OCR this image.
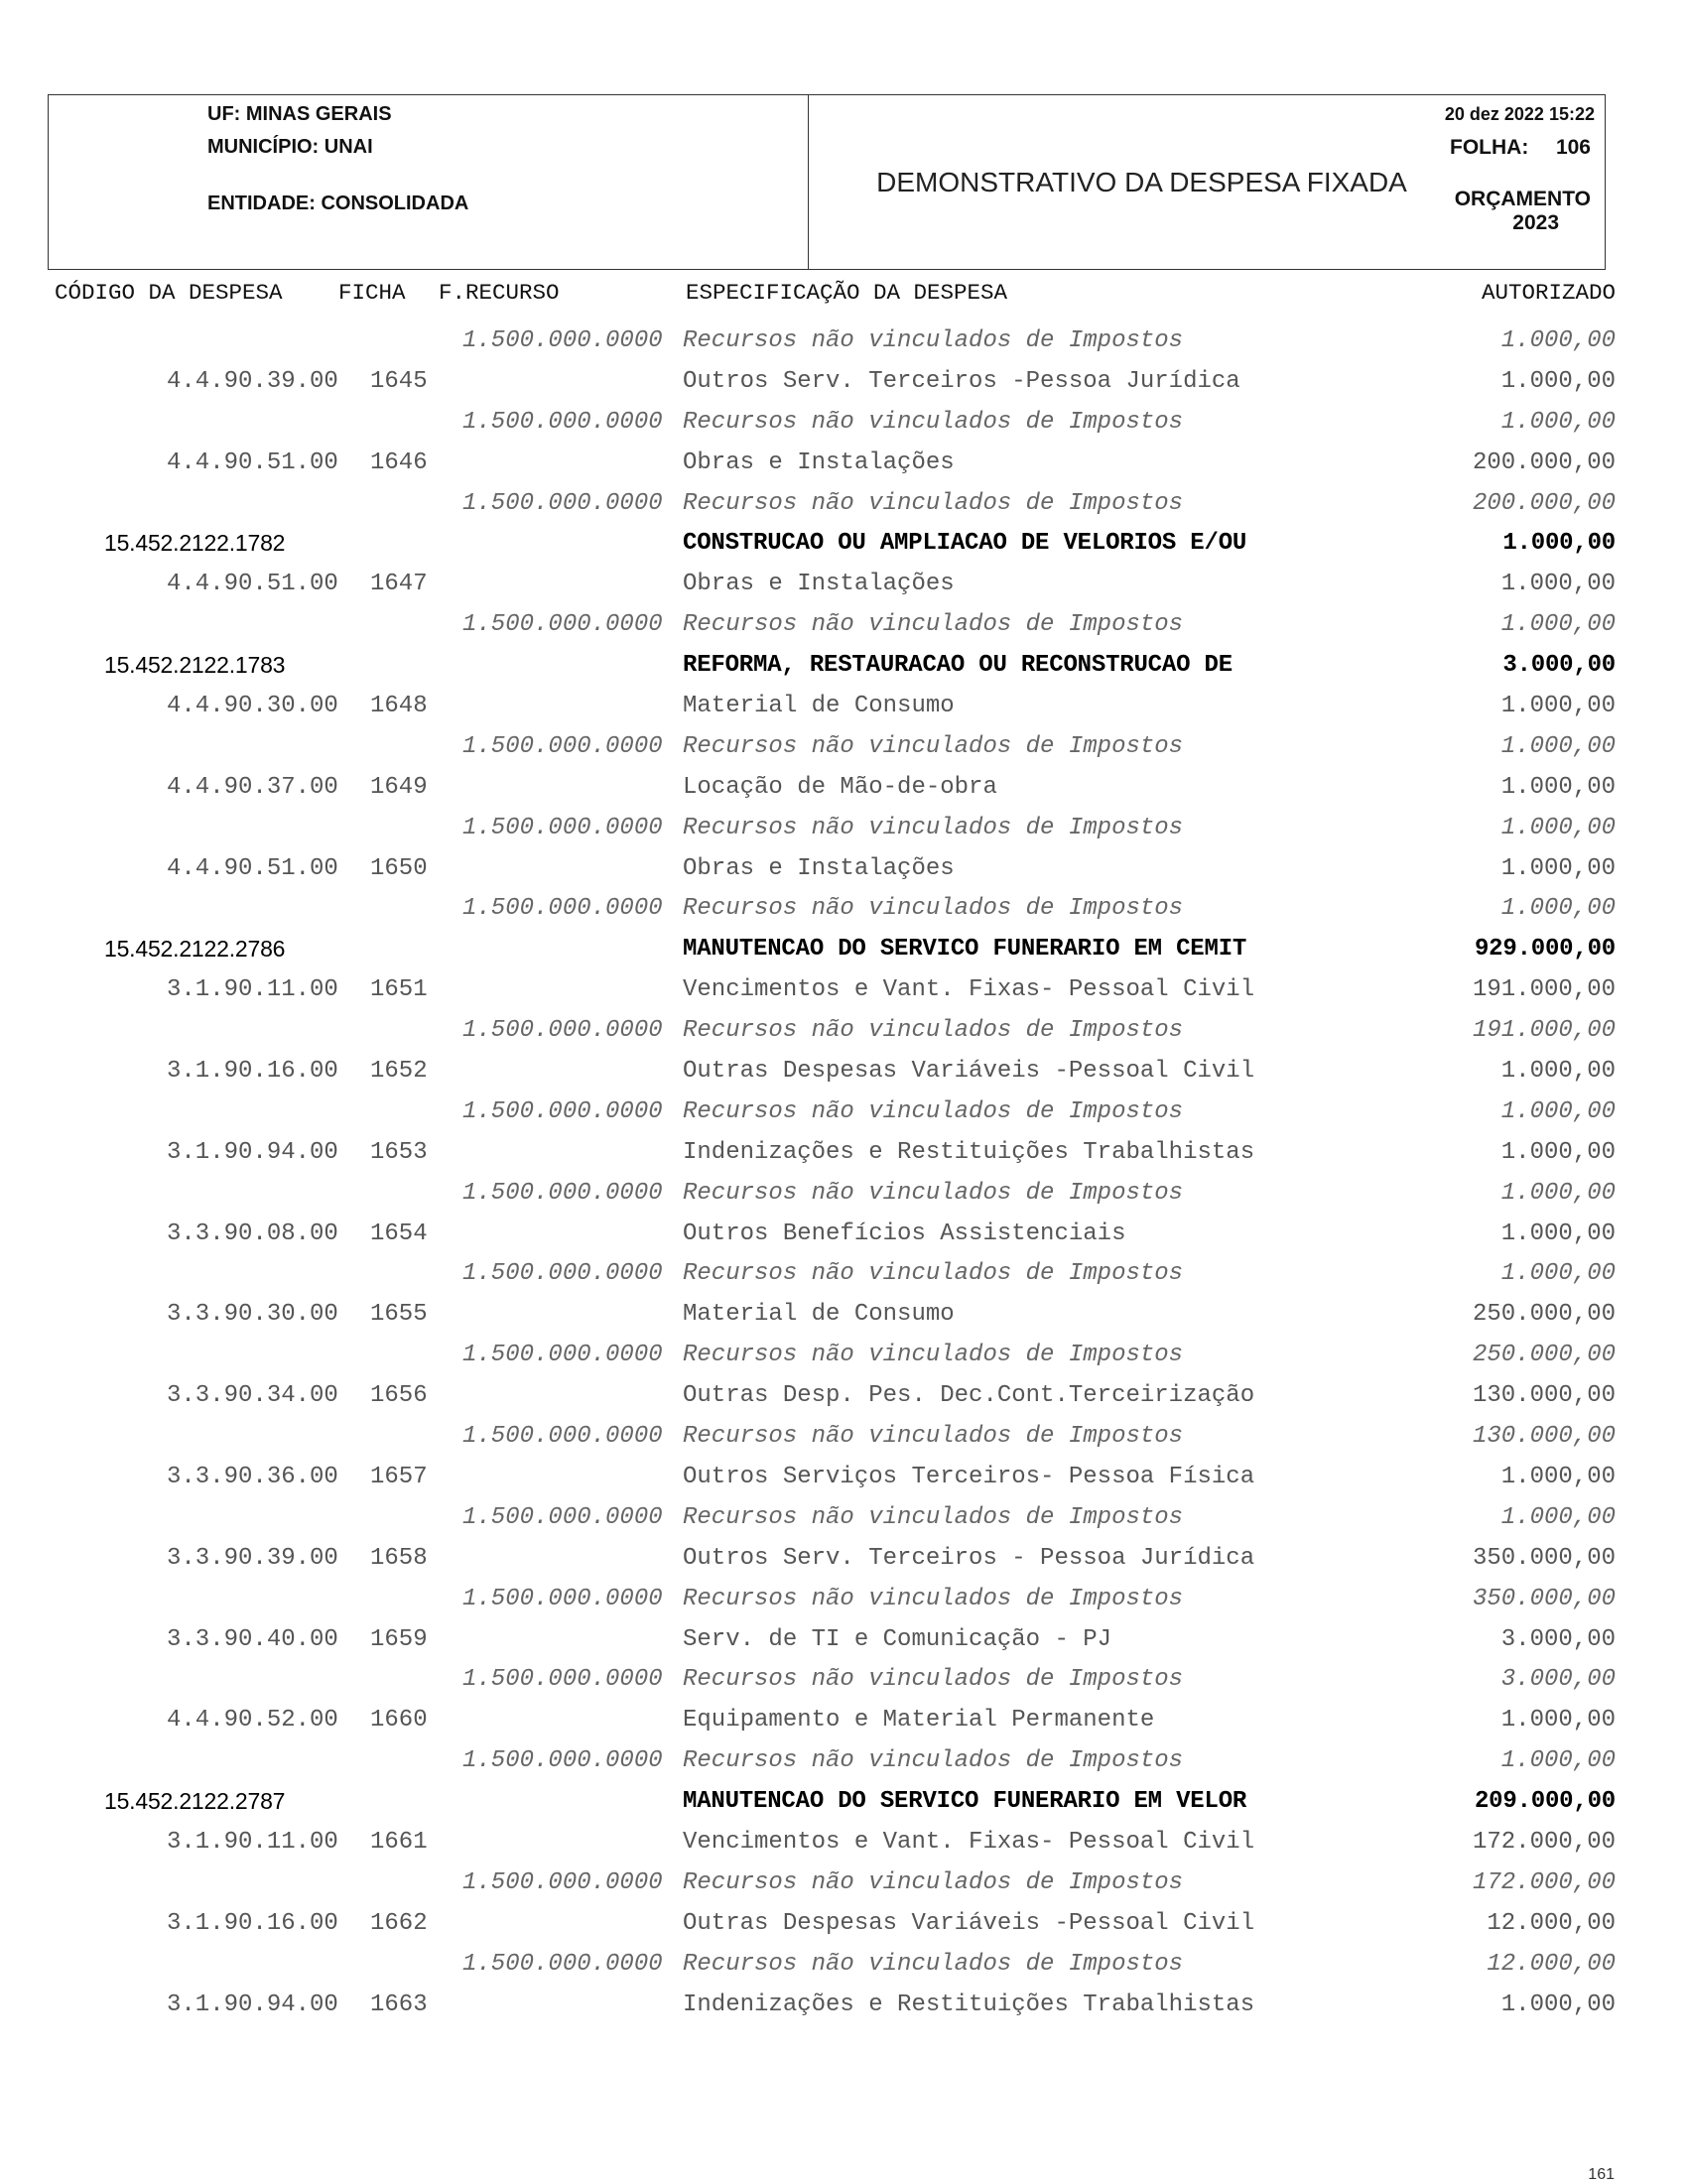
UF: MINAS GERAIS
MUNICÍPIO: UNAI
ENTIDADE: CONSOLIDADA
DEMONSTRATIVO DA DESPESA FIXADA
20 dez 2022 15:22
FOLHA: 106
ORÇAMENTO
2023
CÓDIGO DA DESPESA	FICHA F.RECURSO	ESPECIFICAÇÃO DA DESPESA	AUTORIZADO
1.500.000.0000 Recursos não vinculados de Impostos	1.000,00
4.4.90.39.00 1645	Outros Serv. Terceiros -Pessoa Jurídica	1.000,00
1.500.000.0000 Recursos não vinculados de Impostos	1.000,00
4.4.90.51.00 1646	Obras e Instalações	200.000,00
1.500.000.0000 Recursos não vinculados de Impostos	200.000,00
15.452.2122.1782	CONSTRUCAO OU AMPLIACAO DE VELORIOS E/OU	1.000,00
4.4.90.51.00 1647	Obras e Instalações	1.000,00
1.500.000.0000 Recursos não vinculados de Impostos	1.000,00
15.452.2122.1783	REFORMA, RESTAURACAO OU RECONSTRUCAO DE	3.000,00
4.4.90.30.00 1648	Material de Consumo	1.000,00
1.500.000.0000 Recursos não vinculados de Impostos	1.000,00
4.4.90.37.00 1649	Locação de Mão-de-obra	1.000,00
1.500.000.0000 Recursos não vinculados de Impostos	1.000,00
4.4.90.51.00 1650	Obras e Instalações	1.000,00
1.500.000.0000 Recursos não vinculados de Impostos	1.000,00
15.452.2122.2786	MANUTENCAO DO SERVICO FUNERARIO EM CEMIT	929.000,00
3.1.90.11.00 1651	Vencimentos e Vant. Fixas- Pessoal Civil	191.000,00
1.500.000.0000 Recursos não vinculados de Impostos	191.000,00
3.1.90.16.00 1652	Outras Despesas Variáveis -Pessoal Civil	1.000,00
1.500.000.0000 Recursos não vinculados de Impostos	1.000,00
3.1.90.94.00 1653	Indenizações e Restituições Trabalhistas	1.000,00
1.500.000.0000 Recursos não vinculados de Impostos	1.000,00
3.3.90.08.00 1654	Outros Benefícios Assistenciais	1.000,00
1.500.000.0000 Recursos não vinculados de Impostos	1.000,00
3.3.90.30.00 1655	Material de Consumo	250.000,00
1.500.000.0000 Recursos não vinculados de Impostos	250.000,00
3.3.90.34.00 1656	Outras Desp. Pes. Dec.Cont.Terceirização	130.000,00
1.500.000.0000 Recursos não vinculados de Impostos	130.000,00
3.3.90.36.00 1657	Outros Serviços Terceiros- Pessoa Física	1.000,00
1.500.000.0000 Recursos não vinculados de Impostos	1.000,00
3.3.90.39.00 1658	Outros Serv. Terceiros - Pessoa Jurídica	350.000,00
1.500.000.0000 Recursos não vinculados de Impostos	350.000,00
3.3.90.40.00 1659	Serv. de TI e Comunicação - PJ	3.000,00
1.500.000.0000 Recursos não vinculados de Impostos	3.000,00
4.4.90.52.00 1660	Equipamento e Material Permanente	1.000,00
1.500.000.0000 Recursos não vinculados de Impostos	1.000,00
15.452.2122.2787	MANUTENCAO DO SERVICO FUNERARIO EM VELOR	209.000,00
3.1.90.11.00 1661	Vencimentos e Vant. Fixas- Pessoal Civil	172.000,00
1.500.000.0000 Recursos não vinculados de Impostos	172.000,00
3.1.90.16.00 1662	Outras Despesas Variáveis -Pessoal Civil	12.000,00
1.500.000.0000 Recursos não vinculados de Impostos	12.000,00
3.1.90.94.00 1663	Indenizações e Restituições Trabalhistas	1.000,00
161
